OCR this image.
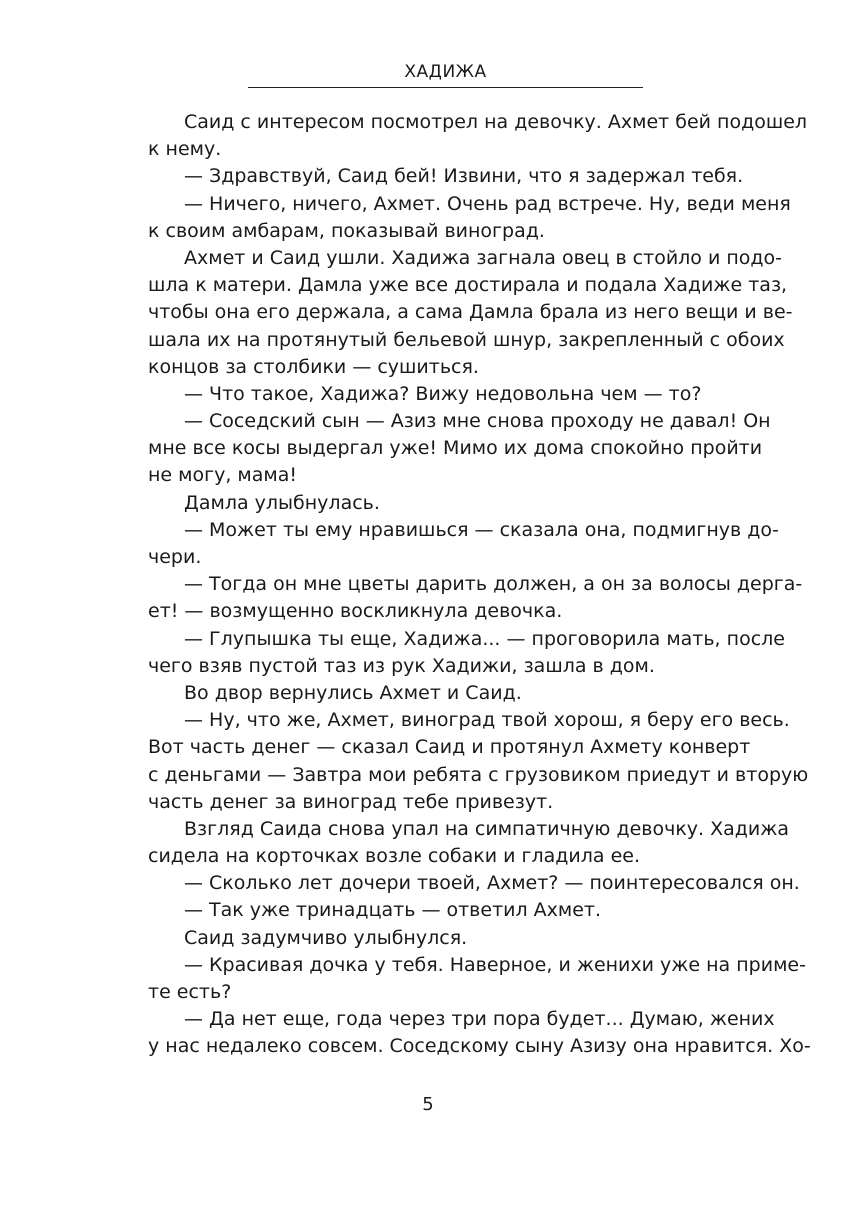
ХАДИЖА
Саид с интересом посмотрел на девочку. Ахмет бей подошел
к нему.
— Здравствуй, Саид бей! Извини, что я задержал тебя.
— Ничего, ничего, Ахмет. Очень рад встрече. Ну, веди меня
к своим амбарам, показывай виноград.
Ахмет и Саид ушли. Хадижа загнала овец в стойло и подо-
шла к матери. Дамла уже все достирала и подала Хадиже таз,
чтобы она его держала, а сама Дамла брала из него вещи и ве-
шала их на протянутый бельевой шнур, закрепленный с обоих
концов за столбики — сушиться.
— Что такое, Хадижа? Вижу недовольна чем — то?
— Соседский сын — Азиз мне снова проходу не давал! Он
мне все косы выдергал уже! Мимо их дома спокойно пройти
не могу, мама!
Дамла улыбнулась.
— Может ты ему нравишься — сказала она, подмигнув до-
чери.
— Тогда он мне цветы дарить должен, а он за волосы дерга-
ет! — возмущенно воскликнула девочка.
— Глупышка ты еще, Хадижа... — проговорила мать, после
чего взяв пустой таз из рук Хадижи, зашла в дом.
Во двор вернулись Ахмет и Саид.
— Ну, что же, Ахмет, виноград твой хорош, я беру его весь.
Вот часть денег — сказал Саид и протянул Ахмету конверт
с деньгами — Завтра мои ребята с грузовиком приедут и вторую
часть денег за виноград тебе привезут.
Взгляд Саида снова упал на симпатичную девочку. Хадижа
сидела на корточках возле собаки и гладила ее.
— Сколько лет дочери твоей, Ахмет? — поинтересовался он.
— Так уже тринадцать — ответил Ахмет.
Саид задумчиво улыбнулся.
— Красивая дочка у тебя. Наверное, и женихи уже на приме-
те есть?
— Да нет еще, года через три пора будет... Думаю, жених
у нас недалеко совсем. Соседскому сыну Азизу она нравится. Хо-
5
